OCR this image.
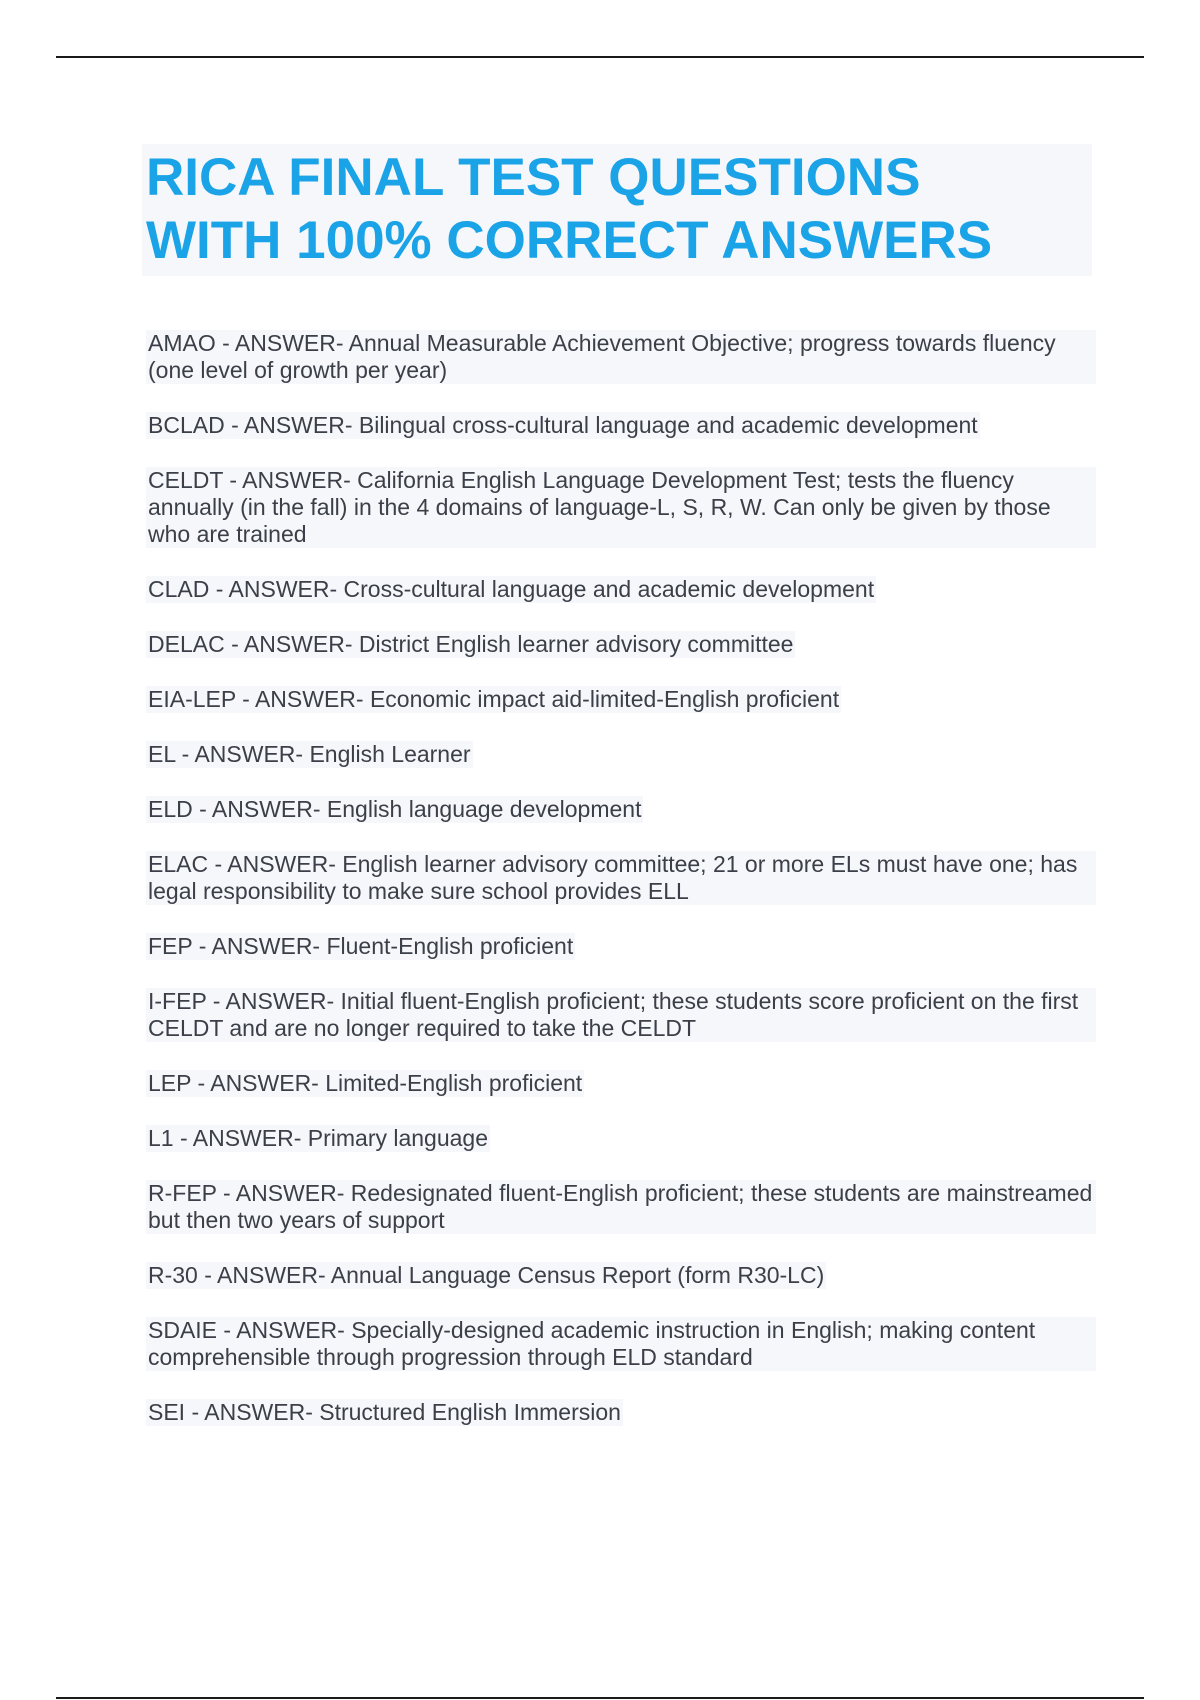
RICA FINAL TEST QUESTIONS
WITH 100% CORRECT ANSWERS

AMAO - ANSWER- Annual Measurable Achievement Objective; progress towards fluency (one level of growth per year)

BCLAD - ANSWER- Bilingual cross-cultural language and academic development

CELDT - ANSWER- California English Language Development Test; tests the fluency annually (in the fall) in the 4 domains of language-L, S, R, W. Can only be given by those who are trained

CLAD - ANSWER- Cross-cultural language and academic development

DELAC - ANSWER- District English learner advisory committee

EIA-LEP - ANSWER- Economic impact aid-limited-English proficient

EL - ANSWER- English Learner

ELD - ANSWER- English language development

ELAC - ANSWER- English learner advisory committee; 21 or more ELs must have one; has legal responsibility to make sure school provides ELL

FEP - ANSWER- Fluent-English proficient

I-FEP - ANSWER- Initial fluent-English proficient; these students score proficient on the first CELDT and are no longer required to take the CELDT

LEP - ANSWER- Limited-English proficient

L1 - ANSWER- Primary language

R-FEP - ANSWER- Redesignated fluent-English proficient; these students are mainstreamed but then two years of support

R-30 - ANSWER- Annual Language Census Report (form R30-LC)

SDAIE - ANSWER- Specially-designed academic instruction in English; making content comprehensible through progression through ELD standard

SEI - ANSWER- Structured English Immersion
